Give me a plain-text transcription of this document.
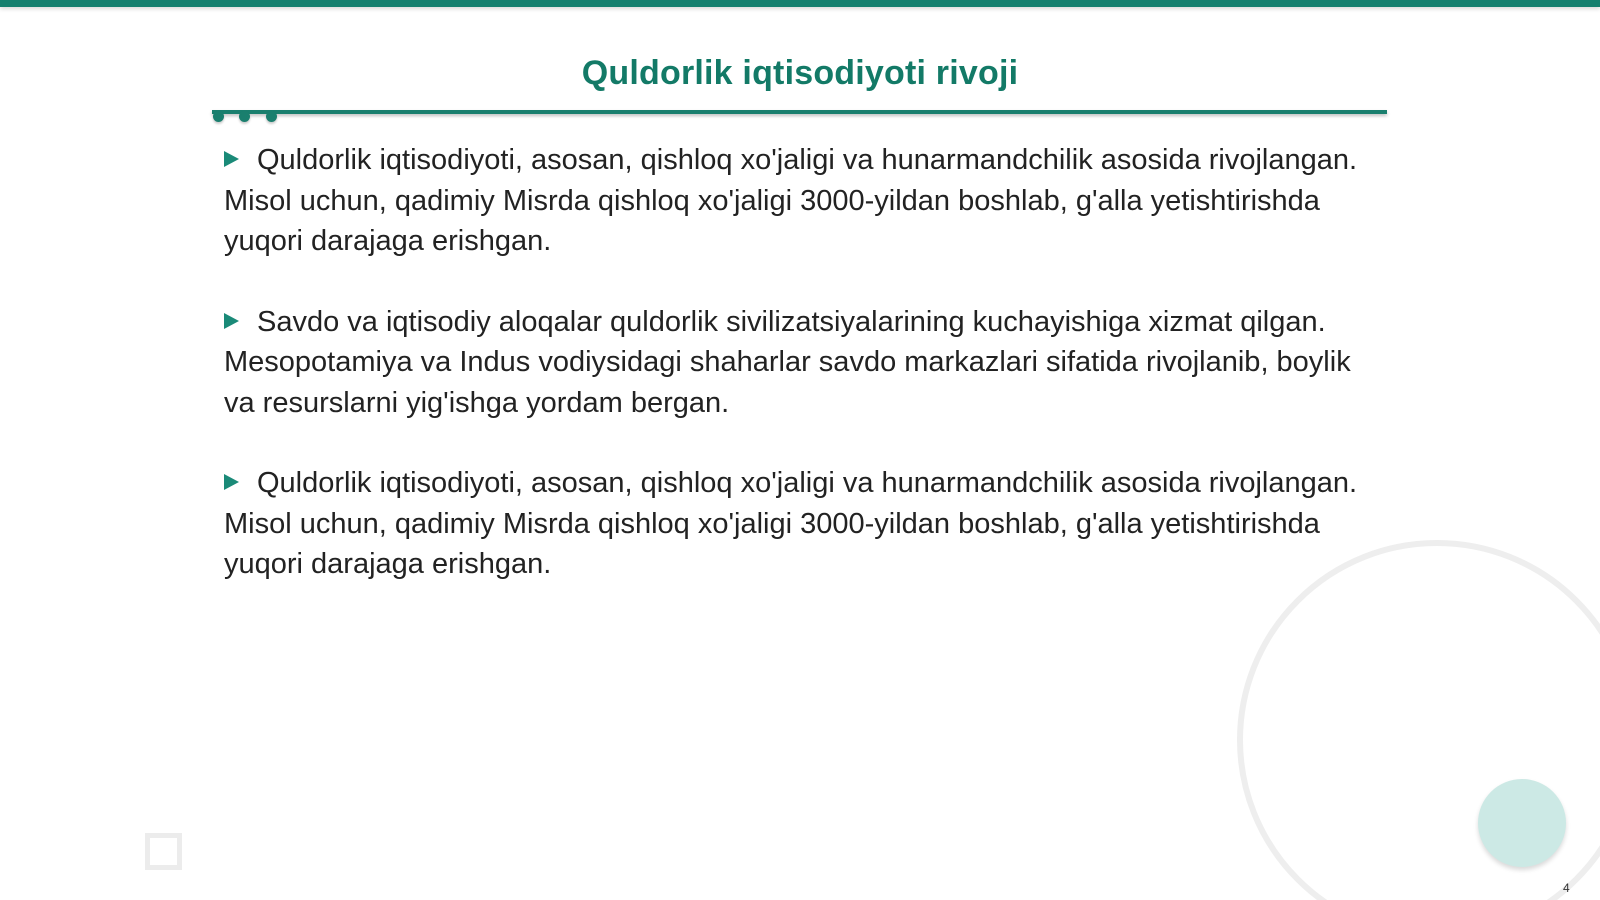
Quldorlik iqtisodiyoti rivoji
Quldorlik iqtisodiyoti, asosan, qishloq xo'jaligi va hunarmandchilik asosida rivojlangan. Misol uchun, qadimiy Misrda qishloq xo'jaligi 3000-yildan boshlab, g'alla yetishtirishda yuqori darajaga erishgan.
Savdo va iqtisodiy aloqalar quldorlik sivilizatsiyalarining kuchayishiga xizmat qilgan. Mesopotamiya va Indus vodiysidagi shaharlar savdo markazlari sifatida rivojlanib, boylik va resurslarni yig'ishga yordam bergan.
Quldorlik iqtisodiyoti, asosan, qishloq xo'jaligi va hunarmandchilik asosida rivojlangan. Misol uchun, qadimiy Misrda qishloq xo'jaligi 3000-yildan boshlab, g'alla yetishtirishda yuqori darajaga erishgan.
4
